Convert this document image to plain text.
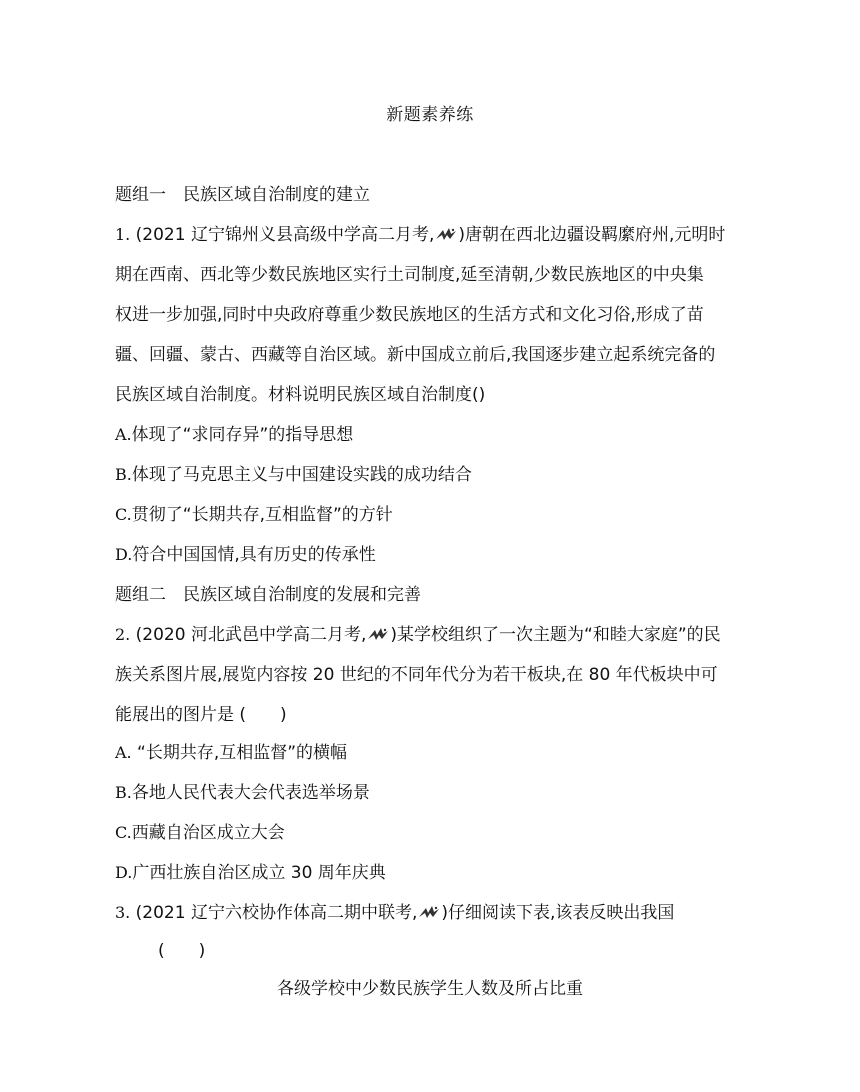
新题素养练
题组一　民族区域自治制度的建立
1. (2021 辽宁锦州义县高级中学高二月考, )唐朝在西北边疆设羁縻府州,元明时
期在西南、西北等少数民族地区实行土司制度,延至清朝,少数民族地区的中央集
权进一步加强,同时中央政府尊重少数民族地区的生活方式和文化习俗,形成了苗
疆、回疆、蒙古、西藏等自治区域。新中国成立前后,我国逐步建立起系统完备的
民族区域自治制度。材料说明民族区域自治制度()
A.体现了“求同存异”的指导思想
B.体现了马克思主义与中国建设实践的成功结合
C.贯彻了“长期共存,互相监督”的方针
D.符合中国国情,具有历史的传承性
题组二　民族区域自治制度的发展和完善
2. (2020 河北武邑中学高二月考, )某学校组织了一次主题为“和睦大家庭”的民
族关系图片展,展览内容按 20 世纪的不同年代分为若干板块,在 80 年代板块中可
能展出的图片是 (　　)
A. “长期共存,互相监督”的横幅
B.各地人民代表大会代表选举场景
C.西藏自治区成立大会
D.广西壮族自治区成立 30 周年庆典
3. (2021 辽宁六校协作体高二期中联考, )仔细阅读下表,该表反映出我国
(　　)
各级学校中少数民族学生人数及所占比重
